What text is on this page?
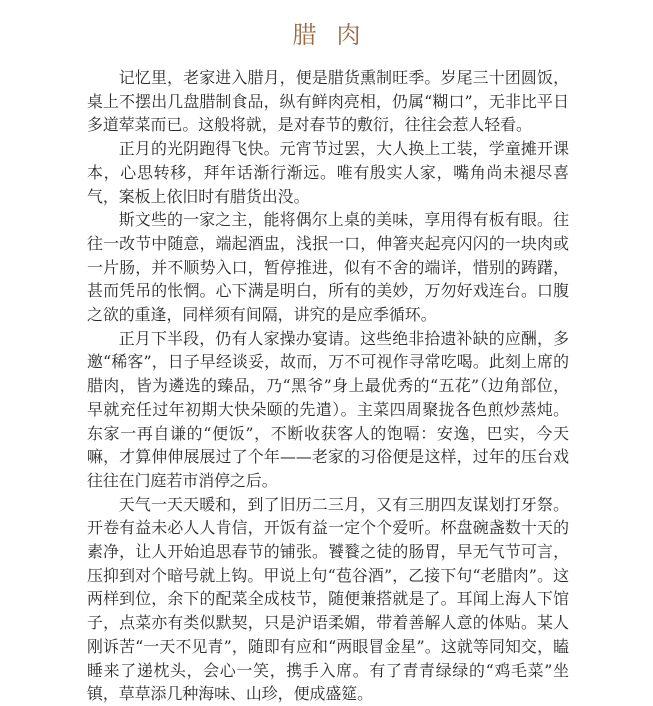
腊肉

记忆里，老家进入腊月，便是腊货熏制旺季。岁尾三十团圆饭，桌上不摆出几盘腊制食品，纵有鲜肉亮相，仍属“糊口”，无非比平日多道荤菜而已。这般将就，是对春节的敷衍，往往会惹人轻看。

正月的光阴跑得飞快。元宵节过罢，大人换上工装，学童摊开课本，心思转移，拜年话渐行渐远。唯有殷实人家，嘴角尚未褪尽喜气，案板上依旧时有腊货出没。

斯文些的一家之主，能将偶尔上桌的美味，享用得有板有眼。往往一改节中随意，端起酒盅，浅抿一口，伸箸夹起亮闪闪的一块肉或一片肠，并不顺势入口，暂停推进，似有不舍的端详，惜别的踌躇，甚而凭吊的怅惘。心下满是明白，所有的美妙，万勿好戏连台。口腹之欲的重逢，同样须有间隔，讲究的是应季循环。

正月下半段，仍有人家操办宴请。这些绝非拾遗补缺的应酬，多邀“稀客”，日子早经谈妥，故而，万不可视作寻常吃喝。此刻上席的腊肉，皆为遴选的臻品，乃“黑爷”身上最优秀的“五花”（边角部位，早就充任过年初期大快朵颐的先遣）。主菜四周聚拢各色煎炒蒸炖。东家一再自谦的“便饭”，不断收获客人的饱嗝：安逸，巴实，今天嘛，才算伸伸展展过了个年——老家的习俗便是这样，过年的压台戏往往在门庭若市消停之后。

天气一天天暖和，到了旧历二三月，又有三朋四友谋划打牙祭。开卷有益未必人人肯信，开饭有益一定个个爱听。杯盘碗盏数十天的素净，让人开始追思春节的铺张。饕餮之徒的肠胃，早无气节可言，压抑到对个暗号就上钩。甲说上句“苞谷酒”，乙接下句“老腊肉”。这两样到位，余下的配菜全成枝节，随便兼搭就是了。耳闻上海人下馆子，点菜亦有类似默契，只是沪语柔媚，带着善解人意的体贴。某人刚诉苦“一天不见青”，随即有应和“两眼冒金星”。这就等同知交，瞌睡来了递枕头，会心一笑，携手入席。有了青青绿绿的“鸡毛菜”坐镇，草草添几种海味、山珍，便成盛筵。
